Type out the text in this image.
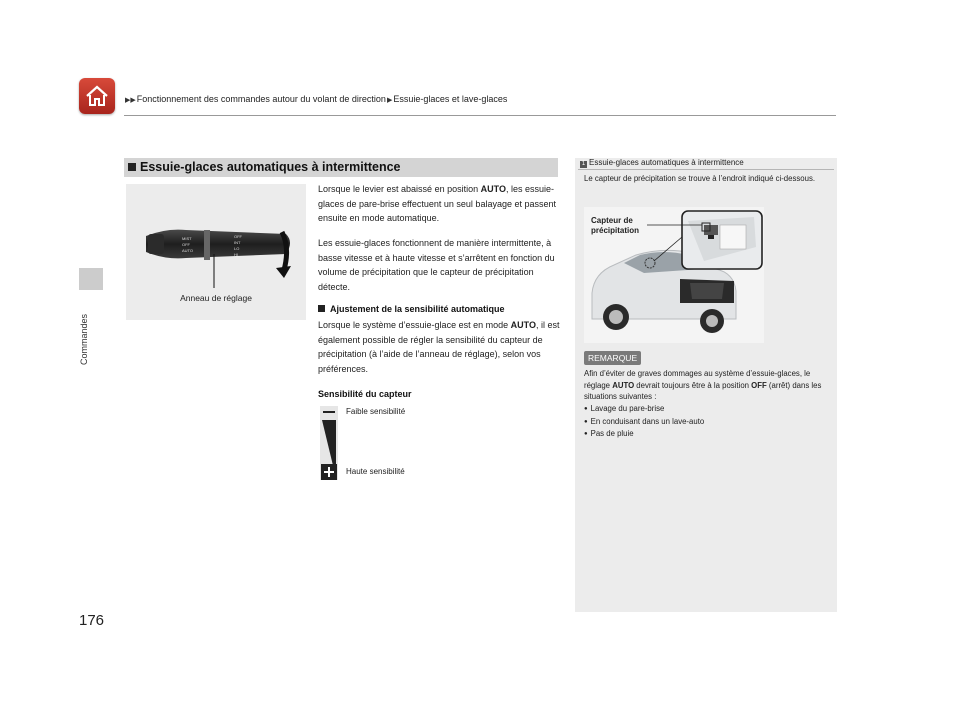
▶▶Fonctionnement des commandes autour du volant de direction▶Essuie-glaces et lave-glaces
Commandes
176
Essuie-glaces automatiques à intermittence
MIST
OFF
AUTO
OFF
INT
LO
HI
Anneau de réglage
Lorsque le levier est abaissé en position AUTO, les essuie-glaces de pare-brise effectuent un seul balayage et passent ensuite en mode automatique.
Les essuie-glaces fonctionnent de manière intermittente, à basse vitesse et à haute vitesse et s’arrêtent en fonction du volume de précipitation que le capteur de précipitation détecte.
Ajustement de la sensibilité automatique
Lorsque le système d’essuie-glace est en mode AUTO, il est également possible de régler la sensibilité du capteur de précipitation (à l’aide de l’anneau de réglage), selon vos préférences.
Sensibilité du capteur
Faible sensibilité
Haute sensibilité
1 Essuie-glaces automatiques à intermittence
Le capteur de précipitation se trouve à l’endroit indiqué ci-dessous.
Capteur de précipitation
REMARQUE
Afin d’éviter de graves dommages au système d’essuie-glaces, le réglage AUTO devrait toujours être à la position OFF (arrêt) dans les situations suivantes :
● Lavage du pare-brise
● En conduisant dans un lave-auto
● Pas de pluie
